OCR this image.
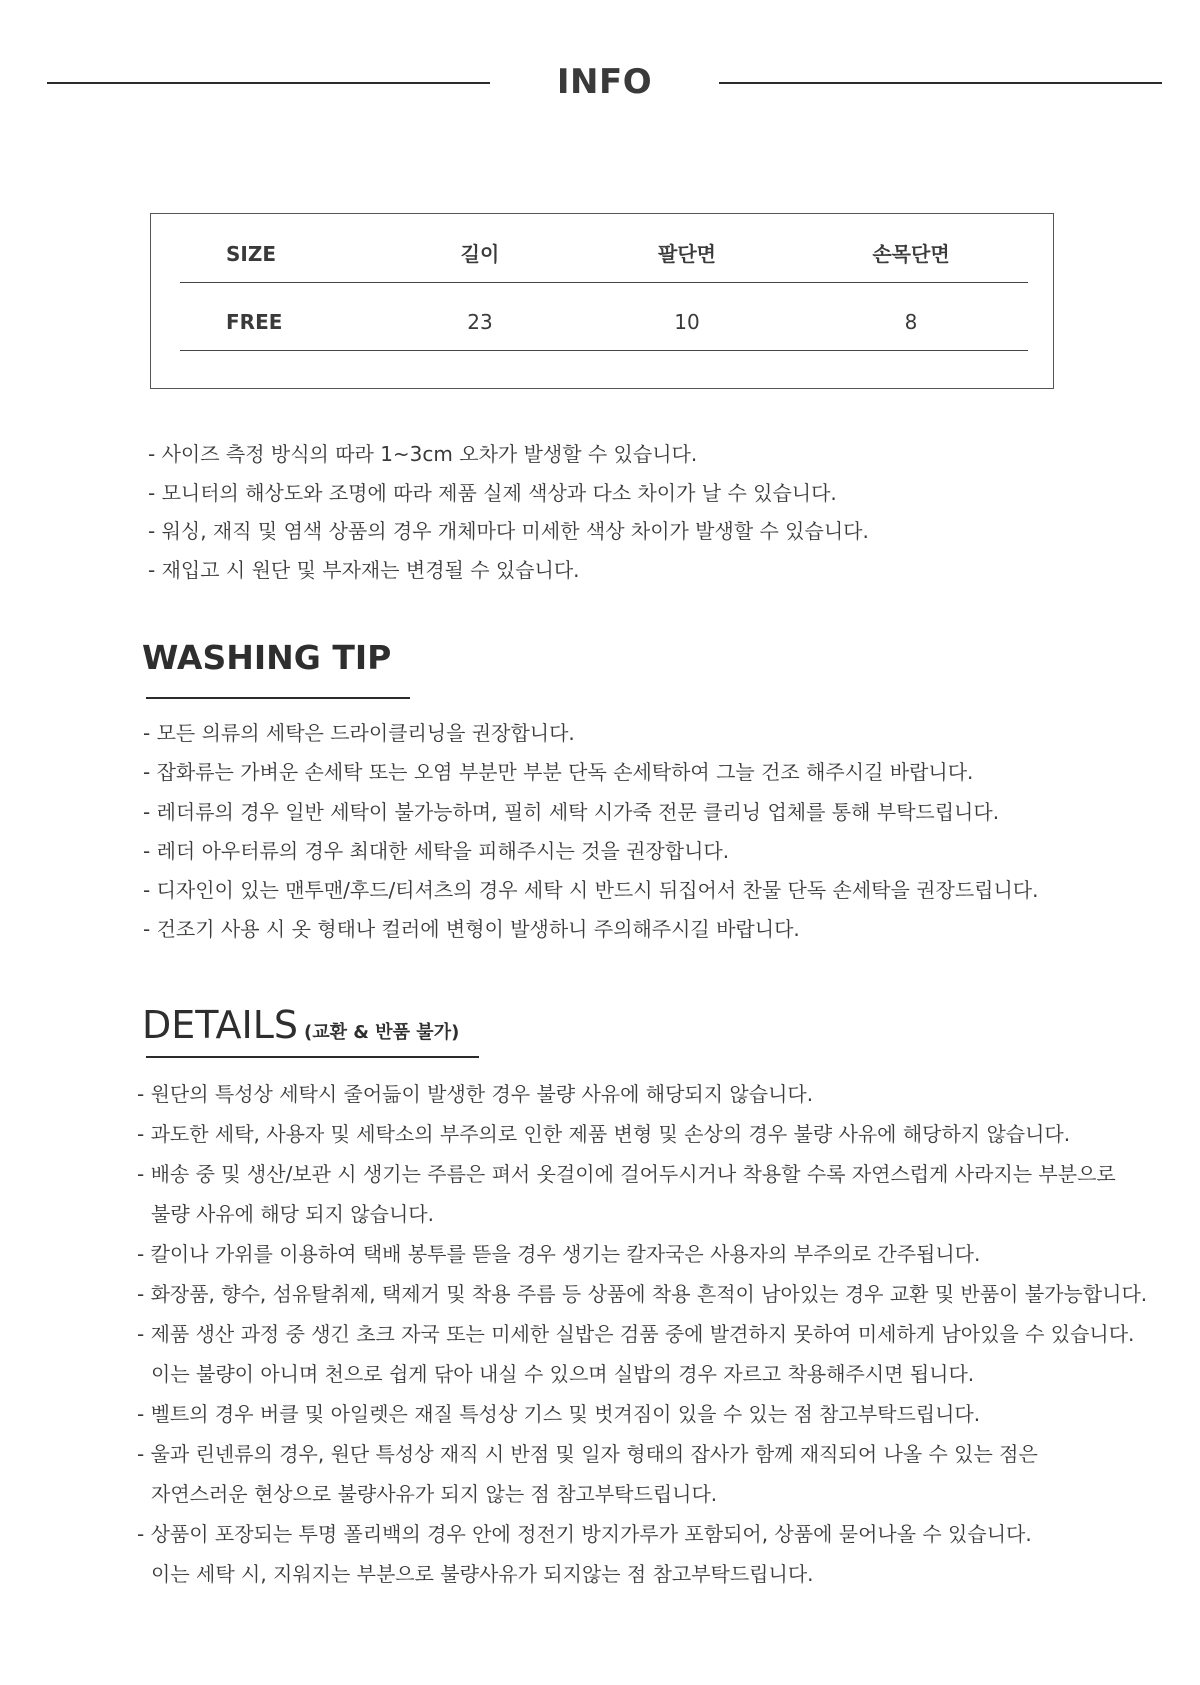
INFO
SIZE	길이	팔단면	손목단면
FREE	23	10	8
- 사이즈 측정 방식의 따라 1~3cm 오차가 발생할 수 있습니다.
- 모니터의 해상도와 조명에 따라 제품 실제 색상과 다소 차이가 날 수 있습니다.
- 워싱, 재직 및 염색 상품의 경우 개체마다 미세한 색상 차이가 발생할 수 있습니다.
- 재입고 시 원단 및 부자재는 변경될 수 있습니다.
WASHING TIP
- 모든 의류의 세탁은 드라이클리닝을 권장합니다.
- 잡화류는 가벼운 손세탁 또는 오염 부분만 부분 단독 손세탁하여 그늘 건조 해주시길 바랍니다.
- 레더류의 경우 일반 세탁이 불가능하며, 필히 세탁 시가죽 전문 클리닝 업체를 통해 부탁드립니다.
- 레더 아우터류의 경우 최대한 세탁을 피해주시는 것을 권장합니다.
- 디자인이 있는 맨투맨/후드/티셔츠의 경우 세탁 시 반드시 뒤집어서 찬물 단독 손세탁을 권장드립니다.
- 건조기 사용 시 옷 형태나 컬러에 변형이 발생하니 주의해주시길 바랍니다.
DETAILS (교환 & 반품 불가)
- 원단의 특성상 세탁시 줄어듦이 발생한 경우 불량 사유에 해당되지 않습니다.
- 과도한 세탁, 사용자 및 세탁소의 부주의로 인한 제품 변형 및 손상의 경우 불량 사유에 해당하지 않습니다.
- 배송 중 및 생산/보관 시 생기는 주름은 펴서 옷걸이에 걸어두시거나 착용할 수록 자연스럽게 사라지는 부분으로
불량 사유에 해당 되지 않습니다.
- 칼이나 가위를 이용하여 택배 봉투를 뜯을 경우 생기는 칼자국은 사용자의 부주의로 간주됩니다.
- 화장품, 향수, 섬유탈취제, 택제거 및 착용 주름 등 상품에 착용 흔적이 남아있는 경우 교환 및 반품이 불가능합니다.
- 제품 생산 과정 중 생긴 초크 자국 또는 미세한 실밥은 검품 중에 발견하지 못하여 미세하게 남아있을 수 있습니다.
이는 불량이 아니며 천으로 쉽게 닦아 내실 수 있으며 실밥의 경우 자르고 착용해주시면 됩니다.
- 벨트의 경우 버클 및 아일렛은 재질 특성상 기스 및 벗겨짐이 있을 수 있는 점 참고부탁드립니다.
- 울과 린넨류의 경우, 원단 특성상 재직 시 반점 및 일자 형태의 잡사가 함께 재직되어 나올 수 있는 점은
자연스러운 현상으로 불량사유가 되지 않는 점 참고부탁드립니다.
- 상품이 포장되는 투명 폴리백의 경우 안에 정전기 방지가루가 포함되어, 상품에 묻어나올 수 있습니다.
이는 세탁 시, 지워지는 부분으로 불량사유가 되지않는 점 참고부탁드립니다.
